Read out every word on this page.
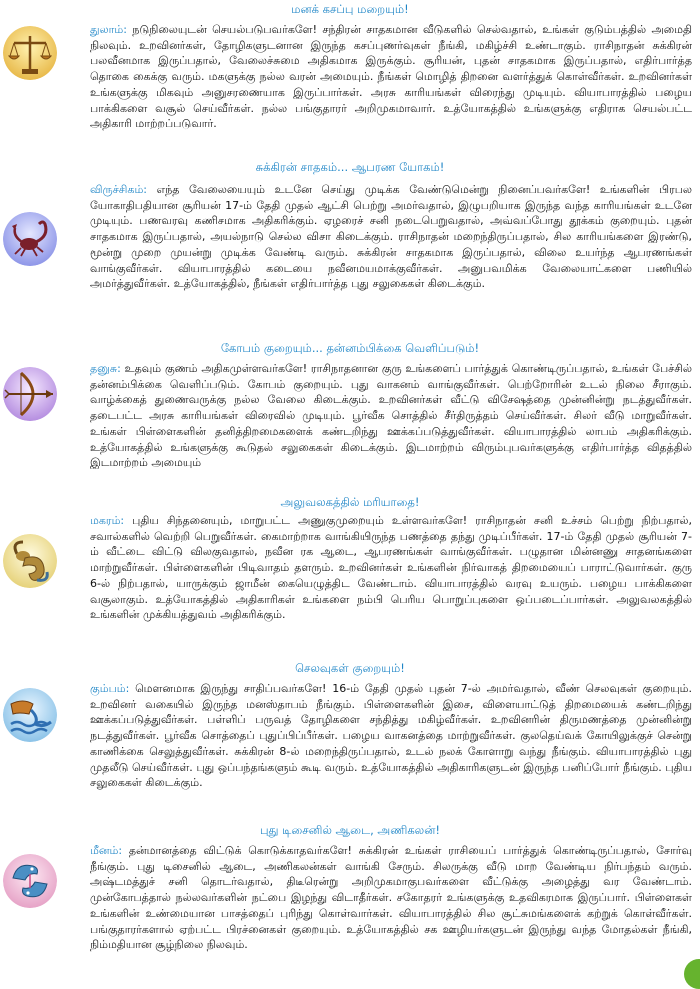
மனக் கசப்பு மறையும்!
துலாம்: நடுநிலையுடன் செயல்படுபவர்களே! சந்திரன் சாதகமான வீடுகளில் செல்வதால், உங்கள் குடும்பத்தில் அமைதி நிலவும். உறவினர்கள், தோழிகளுடனான இருந்த கசப்புணர்வுகள் நீங்கி, மகிழ்ச்சி உண்டாகும். ராசிநாதன் சுக்கிரன் பலவீனமாக இருப்பதால், வேலைச்சுமை அதிகமாக இருக்கும். சூரியன், புதன் சாதகமாக இருப்பதால், எதிர்பார்த்த தொகை கைக்கு வரும். மகளுக்கு நல்ல வரன் அமையும். நீங்கள் மொழித் திறனை வளர்த்துக் கொள்வீர்கள். உறவினர்கள் உங்களுக்கு மிகவும் அனுசரணையாக இருப்பார்கள். அரசு காரியங்கள் விரைந்து முடியும். வியாபாரத்தில் பழைய பாக்கிகளை வசூல் செய்வீர்கள். நல்ல பங்குதாரர் அறிமுகமாவார். உத்யோகத்தில் உங்களுக்கு எதிராக செயல்பட்ட அதிகாரி மாற்றப்படுவார்.
சுக்கிரன் சாதகம்... ஆபரண யோகம்!
விருச்சிகம்: எந்த வேலையையும் உடனே செய்து முடிக்க வேண்டுமென்று நினைப்பவர்களே! உங்களின் பிரபல யோகாதிபதியான சூரியன் 17-ம் தேதி முதல் ஆட்சி பெற்று அமர்வதால், இழுபறியாக இருந்த வந்த காரியங்கள் உடனே முடியும். பணவரவு கணிசமாக அதிகரிக்கும். ஏழரைச் சனி நடைபெறுவதால், அவ்வப்போது தூக்கம் குறையும். புதன் சாதகமாக இருப்பதால், அயல்நாடு செல்ல விசா கிடைக்கும். ராசிநாதன் மறைந்திருப்பதால், சில காரியங்களை இரண்டு, மூன்று முறை முயன்று முடிக்க வேண்டி வரும். சுக்கிரன் சாதகமாக இருப்பதால், விலை உயர்ந்த ஆபரணங்கள் வாங்குவீர்கள். வியாபாரத்தில் கடையை நவீனமயமாக்குவீர்கள். அனுபவமிக்க வேலையாட்களை பணியில் அமர்த்துவீர்கள். உத்யோகத்தில், நீங்கள் எதிர்பார்த்த புது சலுகைகள் கிடைக்கும்.
கோபம் குறையும்... தன்னம்பிக்கை வெளிப்படும்!
தனுசு: உதவும் குணம் அதிகமுள்ளவர்களே! ராசிநாதனான குரு உங்களைப் பார்த்துக் கொண்டிருப்பதால், உங்கள் பேச்சில் தன்னம்பிக்கை வெளிப்படும். கோபம் குறையும். புது வாகனம் வாங்குவீர்கள். பெற்றோரின் உடல் நிலை சீராகும். வாழ்க்கைத் துணைவருக்கு நல்ல வேலை கிடைக்கும். உறவினர்கள் வீட்டு விசேஷத்தை முன்னின்று நடத்துவீர்கள். தடைபட்ட அரசு காரியங்கள் விரைவில் முடியும். பூர்வீக சொத்தில் சீர்திருத்தம் செய்வீர்கள். சிலர் வீடு மாறுவீர்கள். உங்கள் பிள்ளைகளின் தனித்திறமைகளைக் கண்டறிந்து ஊக்கப்படுத்துவீர்கள். வியாபாரத்தில் லாபம் அதிகரிக்கும். உத்யோகத்தில் உங்களுக்கு கூடுதல் சலுகைகள் கிடைக்கும். இடமாற்றம் விரும்புபவர்களுக்கு எதிர்பார்த்த விதத்தில் இடமாற்றம் அமையும்
அலுவலகத்தில் மரியாதை!
மகரம்: புதிய சிந்தனையும், மாறுபட்ட அணுகுமுறையும் உள்ளவர்களே! ராசிநாதன் சனி உச்சம் பெற்று நிற்பதால், சவால்களில் வெற்றி பெறுவீர்கள். கைமாற்றாக வாங்கியிருந்த பணத்தை தந்து முடிப்பீர்கள். 17-ம் தேதி முதல் சூரியன் 7-ம் வீட்டை விட்டு விலகுவதால், நவீன ரக ஆடை, ஆபரணங்கள் வாங்குவீர்கள். பழுதான மின்னணு சாதனங்களை மாற்றுவீர்கள். பிள்ளைகளின் பிடிவாதம் தளரும். உறவினர்கள் உங்களின் நிர்வாகத் திறமையைப் பாராட்டுவார்கள். குரு 6-ல் நிற்பதால், யாருக்கும் ஜாமீன் கையெழுத்திட வேண்டாம். வியாபாரத்தில் வரவு உயரும். பழைய பாக்கிகளை வசூலாகும். உத்யோகத்தில் அதிகாரிகள் உங்களை நம்பி பெரிய பொறுப்புகளை ஒப்படைப்பார்கள். அலுவலகத்தில் உங்களின் முக்கியத்துவம் அதிகரிக்கும்.
செலவுகள் குறையும்!
கும்பம்: மௌனமாக இருந்து சாதிப்பவர்களே! 16-ம் தேதி முதல் புதன் 7-ல் அமர்வதால், வீண் செலவுகள் குறையும். உறவினர் வகையில் இருந்த மனஸ்தாபம் நீங்கும். பிள்ளைகளின் இசை, விளையாட்டுத் திறமையைக் கண்டறிந்து ஊக்கப்படுத்துவீர்கள். பள்ளிப் பருவத் தோழிகளை சந்தித்து மகிழ்வீர்கள். உறவினரின் திருமணத்தை முன்னின்று நடத்துவீர்கள். பூர்வீக சொத்தைப் புதுப்பிப்பீர்கள். பழைய வாகனத்தை மாற்றுவீர்கள். குலதெய்வக் கோயிலுக்குச் சென்று காணிக்கை செலுத்துவீர்கள். சுக்கிரன் 8-ல் மறைந்திருப்பதால், உடல் நலக் கோளாறு வந்து நீங்கும். வியாபாரத்தில் புது முதலீடு செய்வீர்கள். புது ஒப்பந்தங்களும் கூடி வரும். உத்யோகத்தில் அதிகாரிகளுடன் இருந்த பனிப்போர் நீங்கும். புதிய சலுகைகள் கிடைக்கும்.
புது டிசைனில் ஆடை, அணிகலன்!
மீனம்: தன்மானத்தை விட்டுக் கொடுக்காதவர்களே! சுக்கிரன் உங்கள் ராசியைப் பார்த்துக் கொண்டிருப்பதால், சோர்வு நீங்கும். புது டிசைனில் ஆடை, அணிகலன்கள் வாங்கி சேரும். சிலருக்கு வீடு மாற வேண்டிய நிர்பந்தம் வரும். அஷ்டமத்துச் சனி தொடர்வதால், திடீரென்று அறிமுகமாகுபவர்களை வீட்டுக்கு அழைத்து வர வேண்டாம். முன்கோபத்தால் நல்லவர்களின் நட்பை இழந்து விடாதீர்கள். சகோதரர் உங்களுக்கு உதவிகரமாக இருப்பார். பிள்ளைகள் உங்களின் உண்மையான பாசத்தைப் புரிந்து கொள்வார்கள். வியாபாரத்தில் சில சூட்சுமங்களைக் கற்றுக் கொள்வீர்கள். பங்குதாரர்களால் ஏற்பட்ட பிரச்னைகள் குறையும். உத்யோகத்தில் சக ஊழியர்களுடன் இருந்து வந்த மோதல்கள் நீங்கி, நிம்மதியான சூழ்நிலை நிலவும்.
